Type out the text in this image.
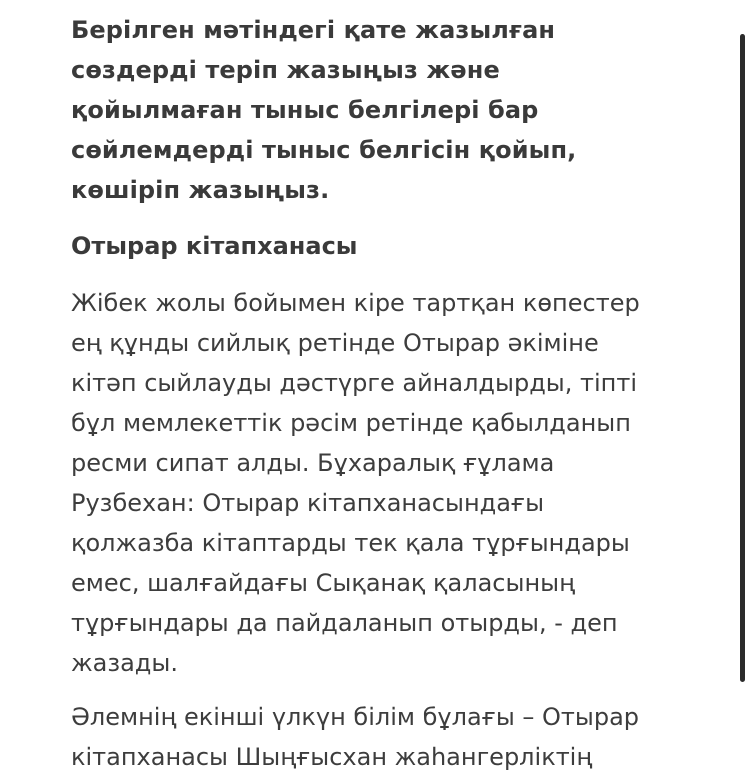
Берілген мәтіндегі қате жазылған
сөздерді теріп жазыңыз және
қойылмаған тыныс белгілері бар
сөйлемдерді тыныс белгісін қойып,
көшіріп жазыңыз.

Отырар кітапханасы

Жібек жолы бойымен кіре тартқан көпестер
ең құнды сийлық ретінде Отырар әкіміне
кітәп сыйлауды дәстүрге айналдырды, тіпті
бұл мемлекеттік рәсім ретінде қабылданып
ресми сипат алды. Бұхаралық ғұлама
Рузбехан: Отырар кітапханасындағы
қолжазба кітаптарды тек қала тұрғындары
емес, шалғайдағы Сықанақ қаласының
тұрғындары да пайдаланып отырды, - деп
жазады.

Әлемнің екінші үлкүн білім бұлағы – Отырар
кітапханасы Шыңғысхан жаһангерліктің
